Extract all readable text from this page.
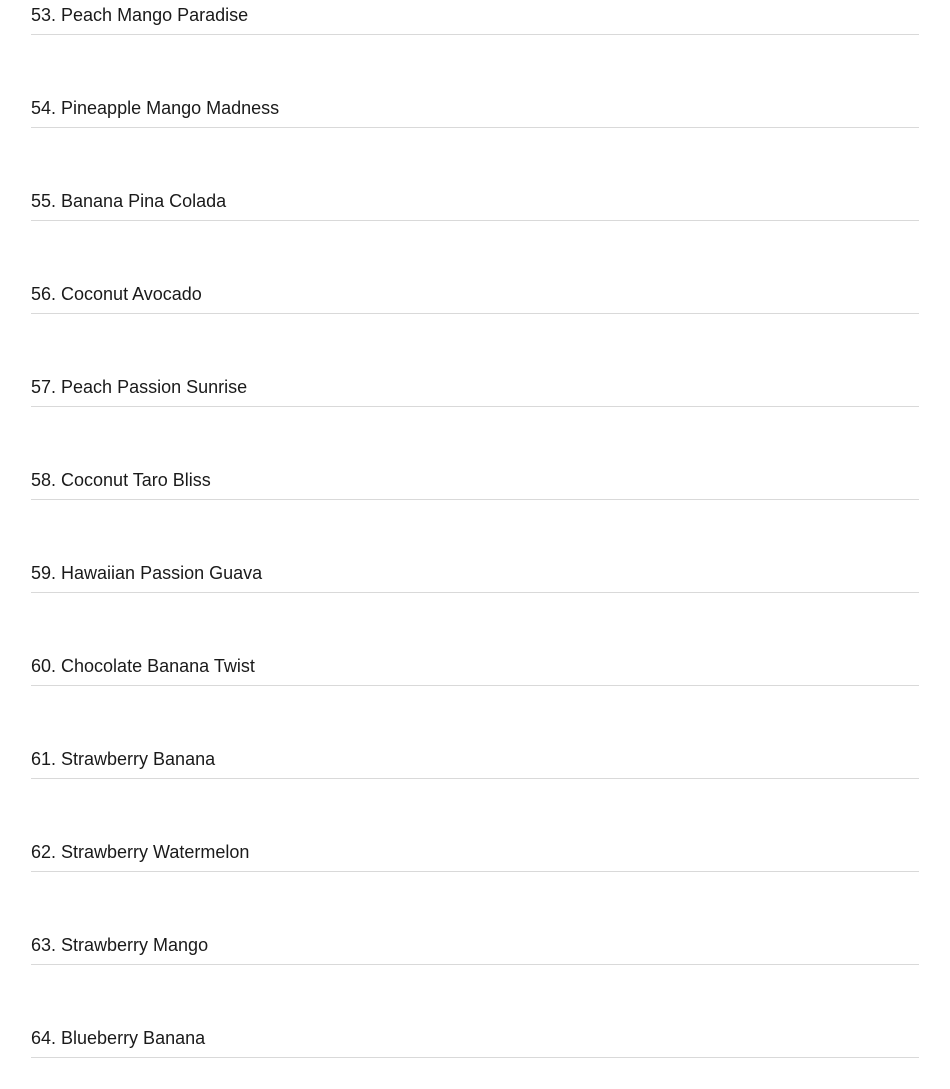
53. Peach Mango Paradise
54. Pineapple Mango Madness
55. Banana Pina Colada
56. Coconut Avocado
57. Peach Passion Sunrise
58. Coconut Taro Bliss
59. Hawaiian Passion Guava
60. Chocolate Banana Twist
61. Strawberry Banana
62. Strawberry Watermelon
63. Strawberry Mango
64. Blueberry Banana
